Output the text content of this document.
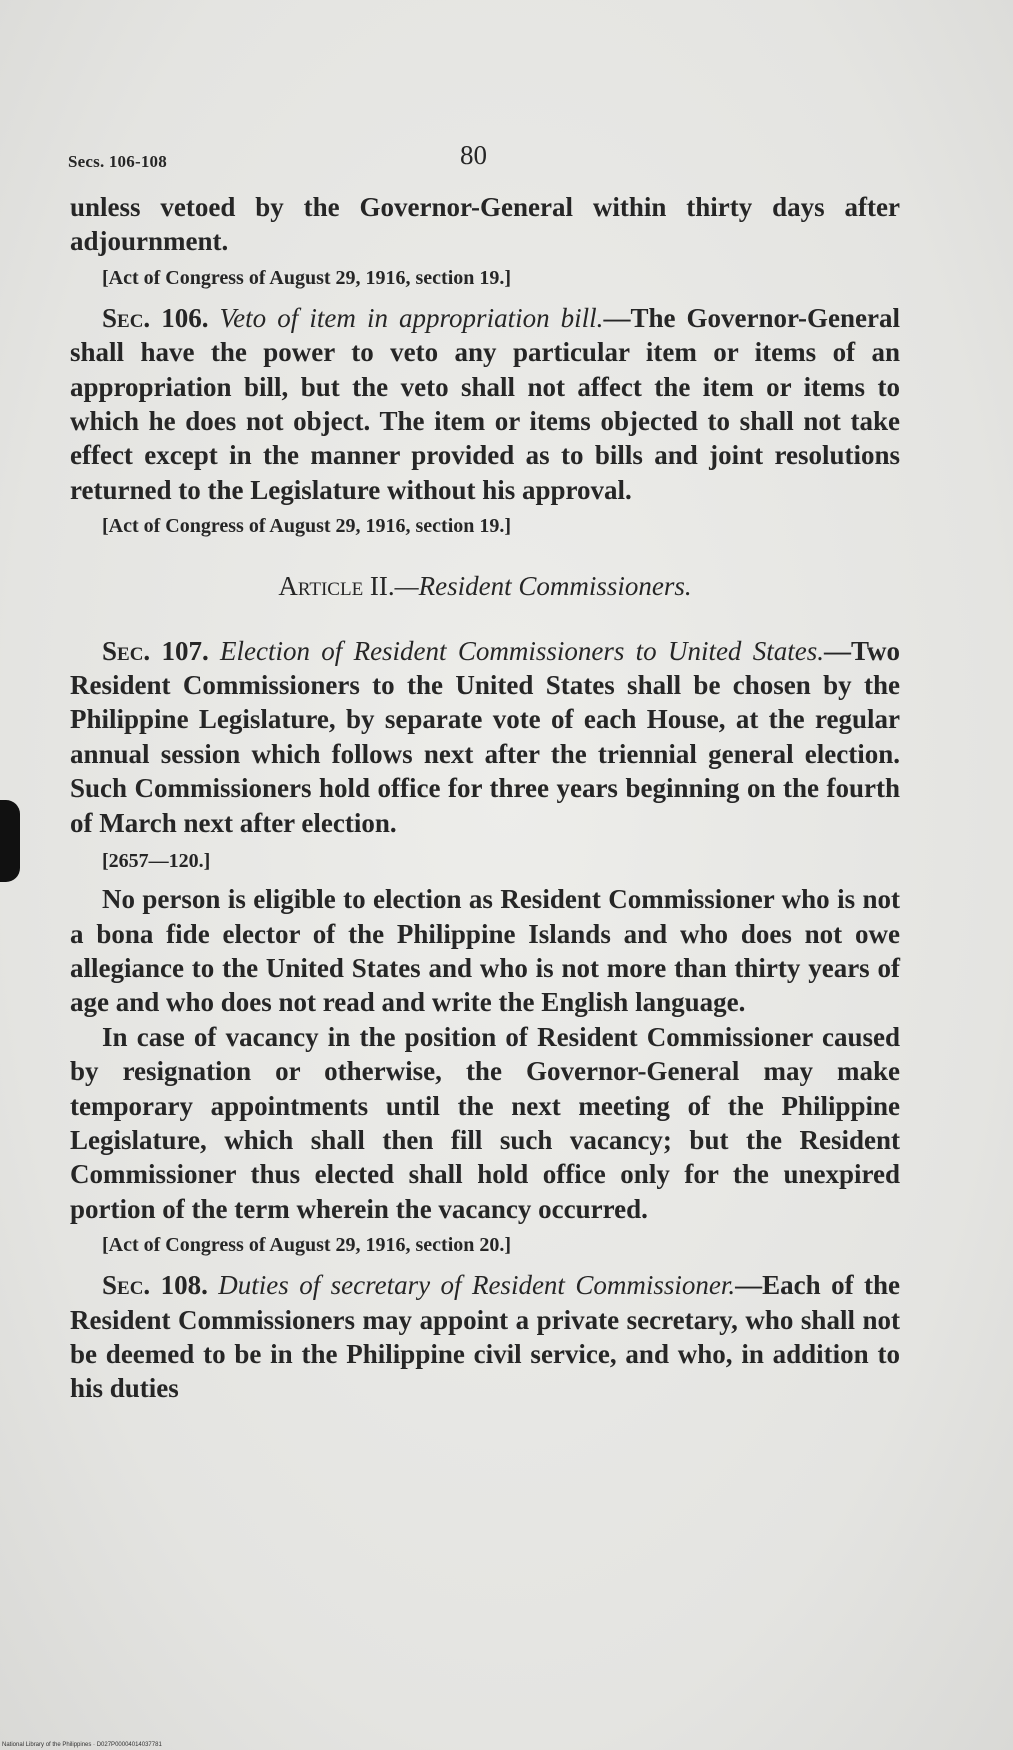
Secs. 106-108	80

unless vetoed by the Governor-General within thirty days after adjournment.

[Act of Congress of August 29, 1916, section 19.]

Sec. 106. Veto of item in appropriation bill.—The Governor-General shall have the power to veto any particular item or items of an appropriation bill, but the veto shall not affect the item or items to which he does not object. The item or items objected to shall not take effect except in the manner provided as to bills and joint resolutions returned to the Legislature without his approval.

[Act of Congress of August 29, 1916, section 19.]

Article II.—Resident Commissioners.

Sec. 107. Election of Resident Commissioners to United States.—Two Resident Commissioners to the United States shall be chosen by the Philippine Legislature, by separate vote of each House, at the regular annual session which follows next after the triennial general election. Such Commissioners hold office for three years beginning on the fourth of March next after election.

[2657—120.]

No person is eligible to election as Resident Commissioner who is not a bona fide elector of the Philippine Islands and who does not owe allegiance to the United States and who is not more than thirty years of age and who does not read and write the English language.

In case of vacancy in the position of Resident Commissioner caused by resignation or otherwise, the Governor-General may make temporary appointments until the next meeting of the Philippine Legislature, which shall then fill such vacancy; but the Resident Commissioner thus elected shall hold office only for the unexpired portion of the term wherein the vacancy occurred.

[Act of Congress of August 29, 1916, section 20.]

Sec. 108. Duties of secretary of Resident Commissioner.—Each of the Resident Commissioners may appoint a private secretary, who shall not be deemed to be in the Philippine civil service, and who, in addition to his duties

National Library of the Philippines · D027P00004014037781
